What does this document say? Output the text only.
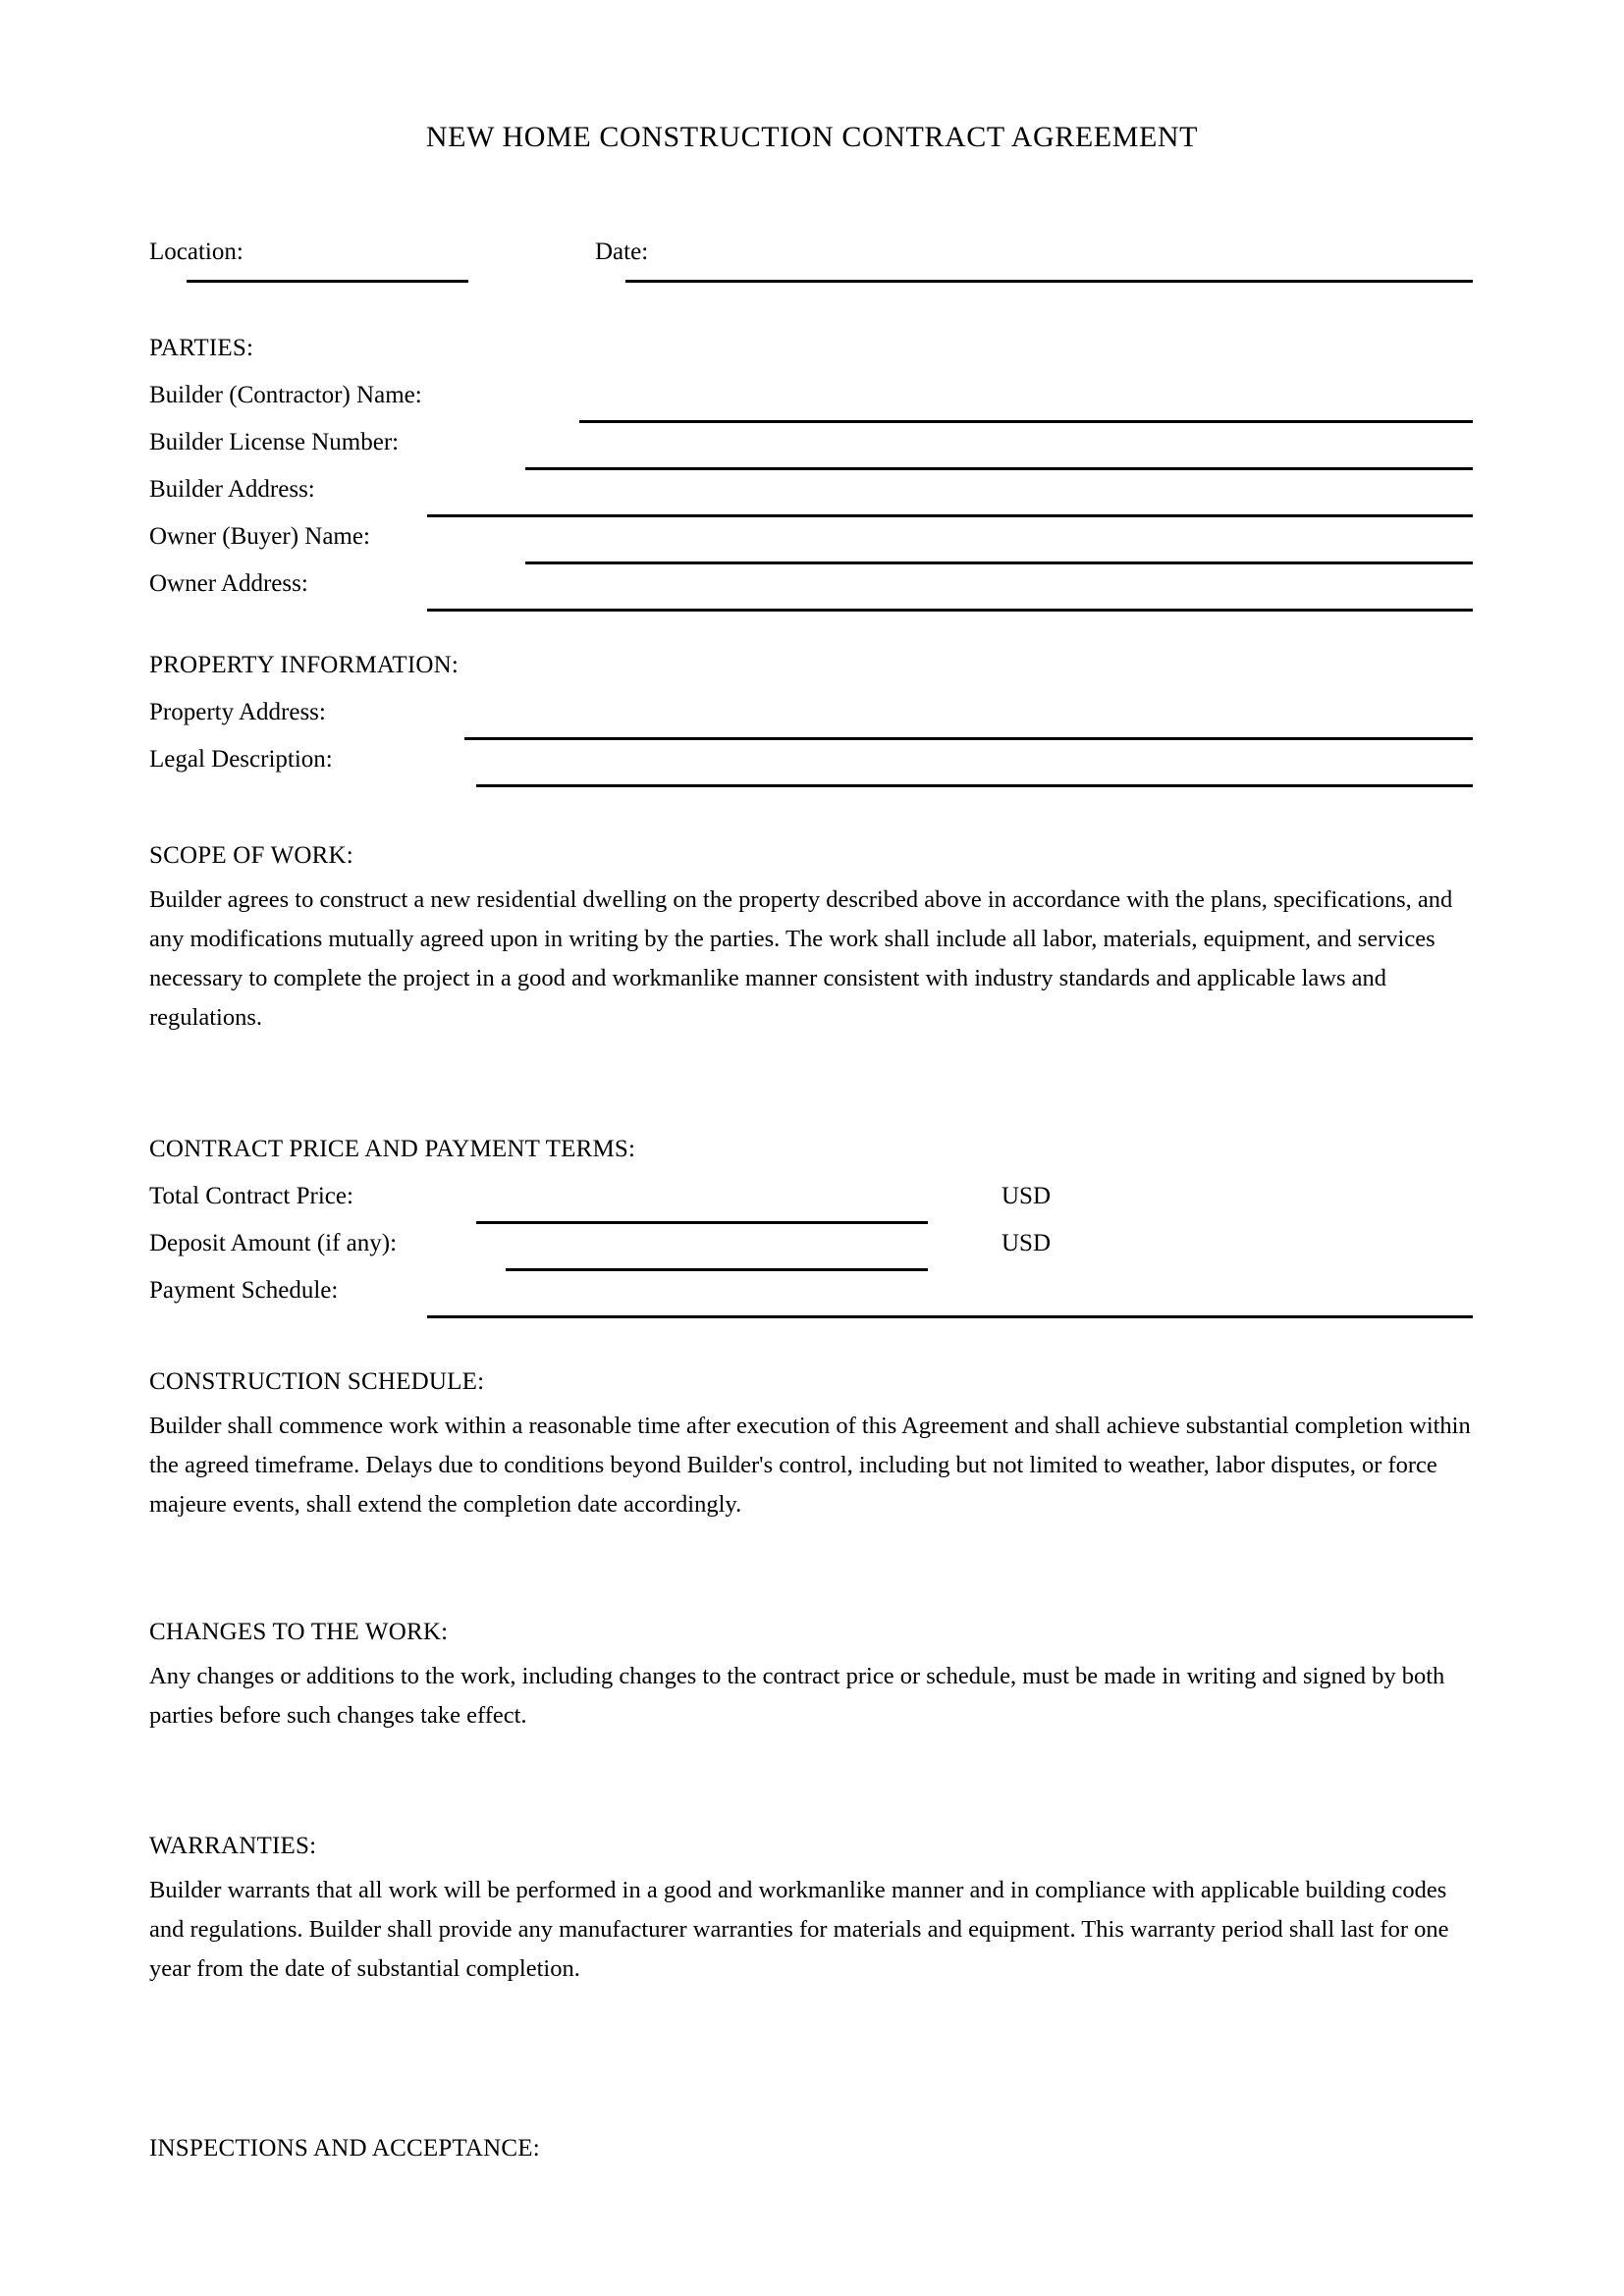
NEW HOME CONSTRUCTION CONTRACT AGREEMENT
Location:	Date:
PARTIES:
Builder (Contractor) Name:
Builder License Number:
Builder Address:
Owner (Buyer) Name:
Owner Address:
PROPERTY INFORMATION:
Property Address:
Legal Description:
SCOPE OF WORK:

Builder agrees to construct a new residential dwelling on the property described above in accordance with the plans, specifications, and any modifications mutually agreed upon in writing by the parties. The work shall include all labor, materials, equipment, and services necessary to complete the project in a good and workmanlike manner consistent with industry standards and applicable laws and regulations.

CONTRACT PRICE AND PAYMENT TERMS:
Total Contract Price:	USD
Deposit Amount (if any):	USD
Payment Schedule:
CONSTRUCTION SCHEDULE:

Builder shall commence work within a reasonable time after execution of this Agreement and shall achieve substantial completion within the agreed timeframe. Delays due to conditions beyond Builder's control, including but not limited to weather, labor disputes, or force majeure events, shall extend the completion date accordingly.

CHANGES TO THE WORK:

Any changes or additions to the work, including changes to the contract price or schedule, must be made in writing and signed by both parties before such changes take effect.

WARRANTIES:

Builder warrants that all work will be performed in a good and workmanlike manner and in compliance with applicable building codes and regulations. Builder shall provide any manufacturer warranties for materials and equipment. This warranty period shall last for one year from the date of substantial completion.

INSPECTIONS AND ACCEPTANCE:
